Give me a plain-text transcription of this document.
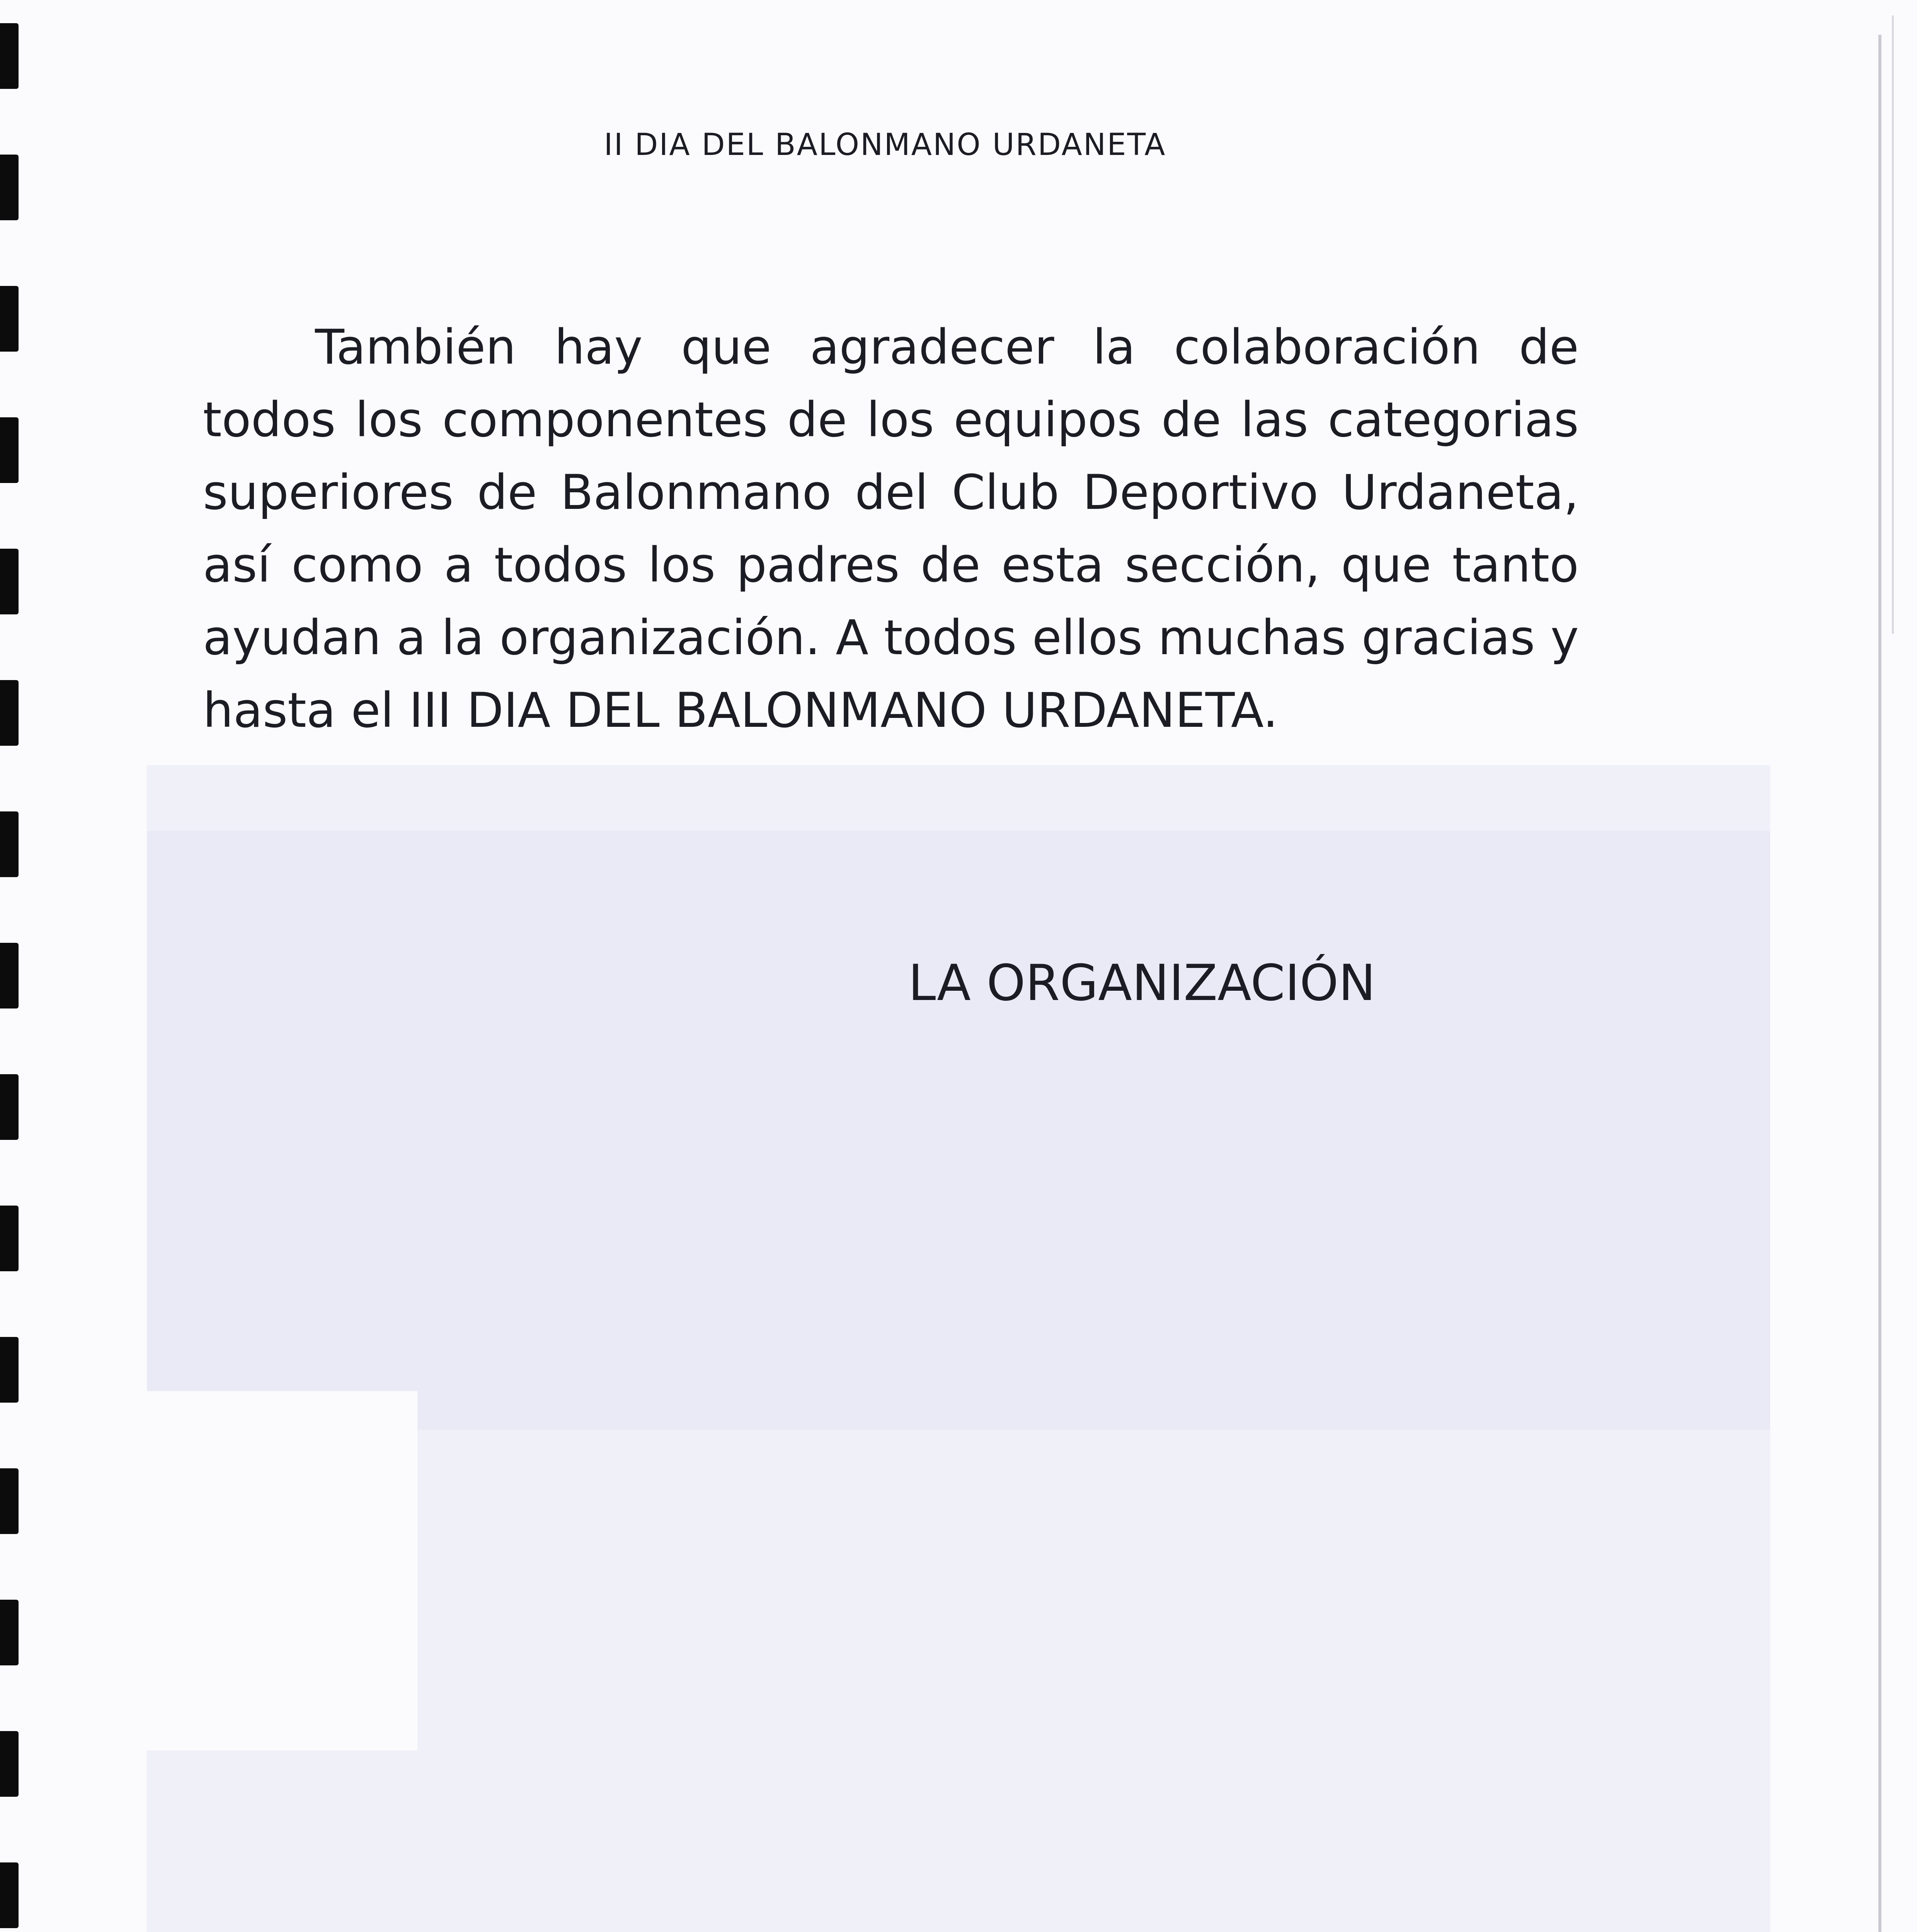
II DIA DEL BALONMANO URDANETA

También hay que agradecer la colaboración de todos los componentes de los equipos de las categorias superiores de Balonmano del Club Deportivo Urdaneta, así como a todos los padres de esta sección, que tanto ayudan a la organización. A todos ellos muchas gracias y hasta el III DIA DEL BALONMANO URDANETA.

LA ORGANIZACIÓN
